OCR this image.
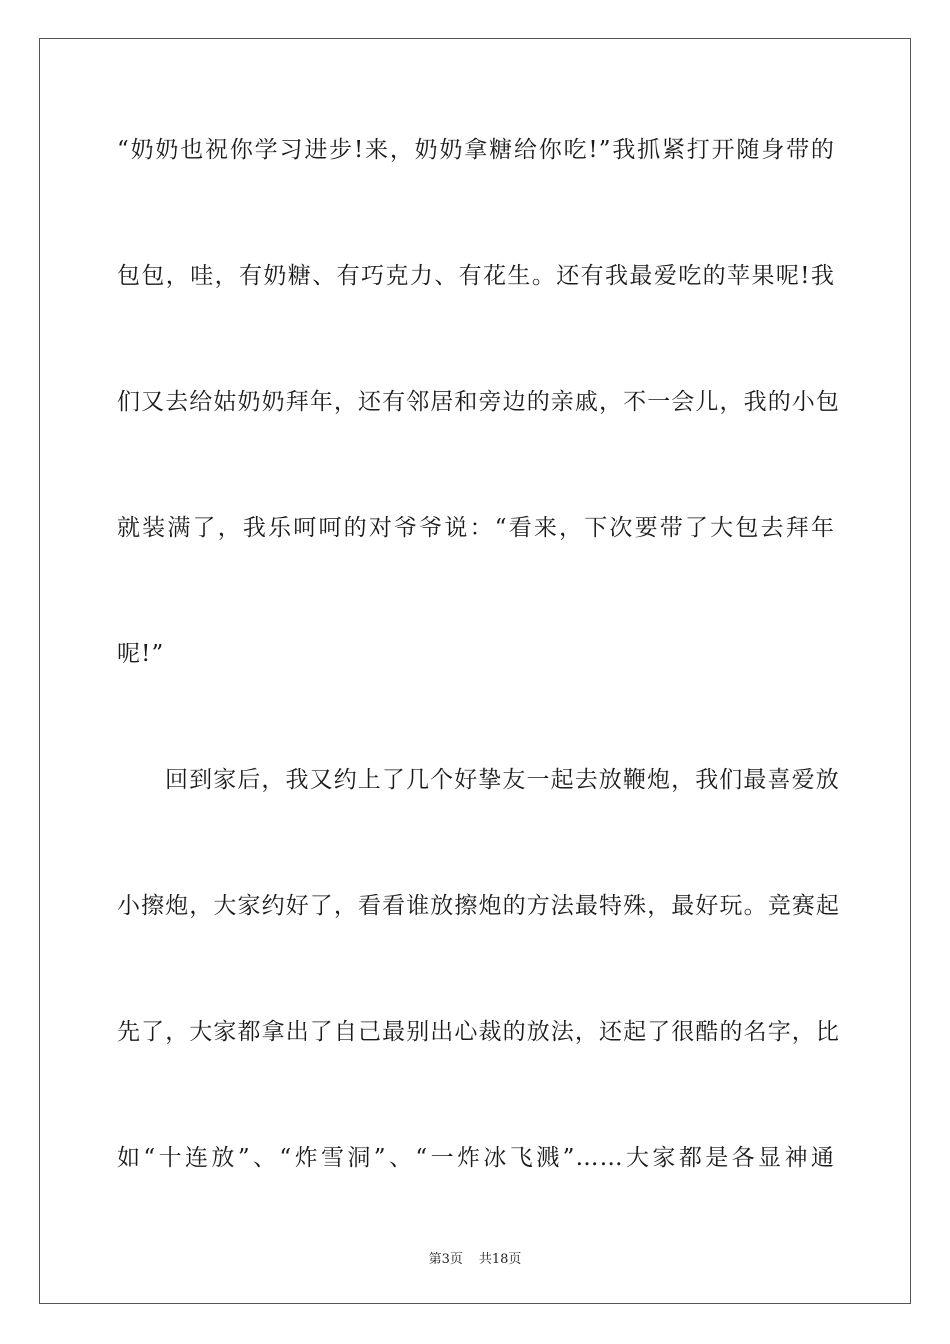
“奶奶也祝你学习进步!来，奶奶拿糖给你吃!”我抓紧打开随身带的
包包，哇，有奶糖、有巧克力、有花生。还有我最爱吃的苹果呢!我
们又去给姑奶奶拜年，还有邻居和旁边的亲戚，不一会儿，我的小包
就装满了，我乐呵呵的对爷爷说：“看来，下次要带了大包去拜年
呢!”
回到家后，我又约上了几个好挚友一起去放鞭炮，我们最喜爱放
小擦炮，大家约好了，看看谁放擦炮的方法最特殊，最好玩。竞赛起
先了，大家都拿出了自己最别出心裁的放法，还起了很酷的名字，比
如“十连放”、“炸雪洞”、“一炸冰飞溅”……大家都是各显神通
第3页 共18页
